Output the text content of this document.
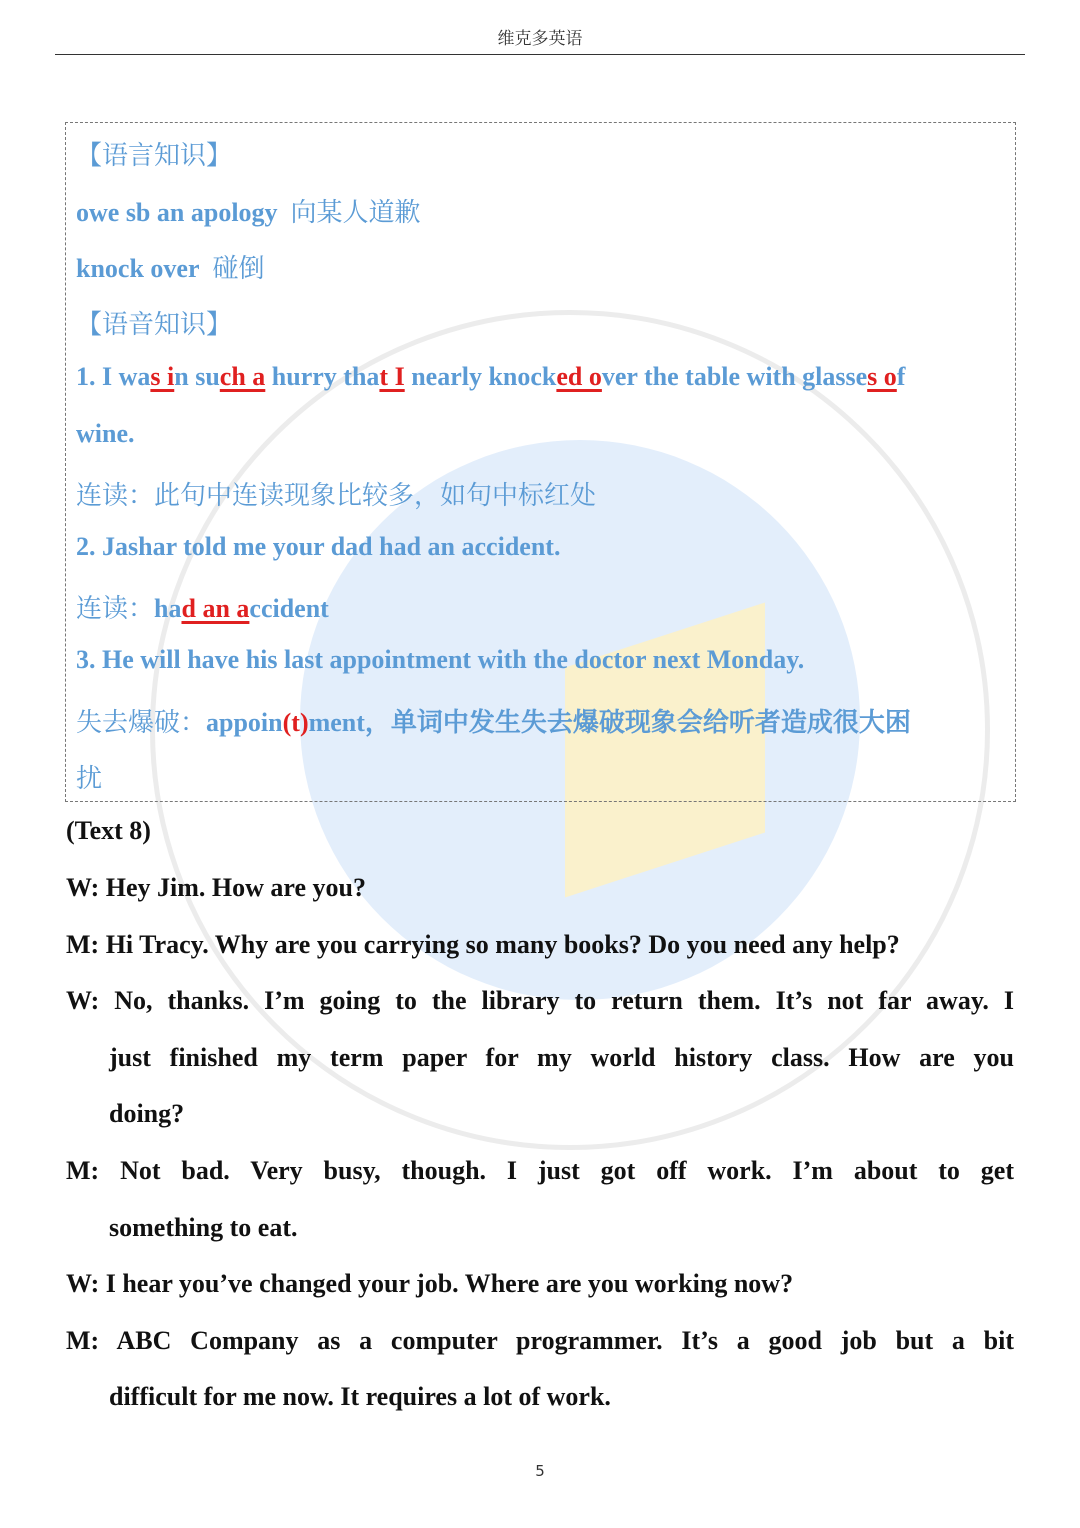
维克多英语
【语言知识】
owe sb an apology 向某人道歉
knock over 碰倒
【语音知识】
1. I was in such a hurry that I nearly knocked over the table with glasses of
wine.
连读：此句中连读现象比较多，如句中标红处
2. Jashar told me your dad had an accident.
连读：had an accident
3. He will have his last appointment with the doctor next Monday.
失去爆破：appoin(t)ment，单词中发生失去爆破现象会给听者造成很大困
扰
(Text 8)
W: Hey Jim. How are you?
M: Hi Tracy. Why are you carrying so many books? Do you need any help?
W: No, thanks. I’m going to the library to return them. It’s not far away. I
just finished my term paper for my world history class. How are you
doing?
M: Not bad. Very busy, though. I just got off work. I’m about to get
something to eat.
W: I hear you’ve changed your job. Where are you working now?
M: ABC Company as a computer programmer. It’s a good job but a bit
difficult for me now. It requires a lot of work.
5
